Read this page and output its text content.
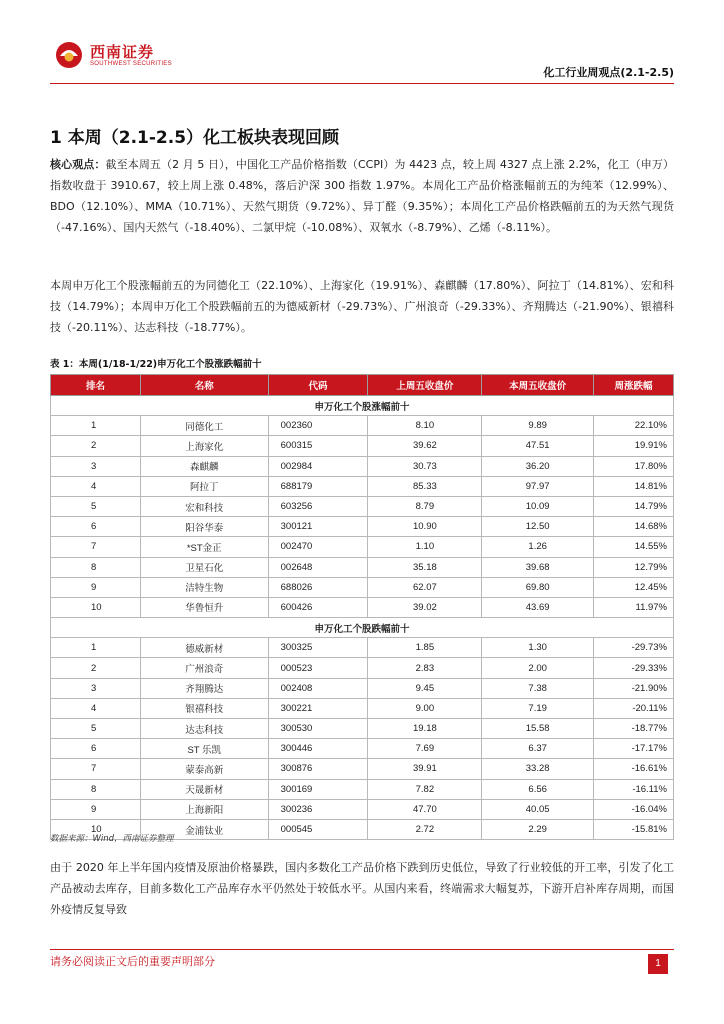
西南证券
SOUTHWEST SECURITIES
化工行业周观点(2.1-2.5)
1 本周（2.1-2.5）化工板块表现回顾
核心观点：截至本周五（2 月 5 日），中国化工产品价格指数（CCPI）为 4423 点，较上周 4327 点上涨 2.2%，化工（申万）指数收盘于 3910.67，较上周上涨 0.48%，落后沪深 300 指数 1.97%。本周化工产品价格涨幅前五的为纯苯（12.99%）、BDO（12.10%）、MMA（10.71%）、天然气期货（9.72%）、异丁醛（9.35%）；本周化工产品价格跌幅前五的为天然气现货（-47.16%）、国内天然气（-18.40%）、二氯甲烷（-10.08%）、双氧水（-8.79%）、乙烯（-8.11%）。
本周申万化工个股涨幅前五的为同德化工（22.10%）、上海家化（19.91%）、森麒麟（17.80%）、阿拉丁（14.81%）、宏和科技（14.79%）；本周申万化工个股跌幅前五的为德威新材（-29.73%）、广州浪奇（-29.33%）、齐翔腾达（-21.90%）、银禧科技（-20.11%）、达志科技（-18.77%）。
表 1：本周(1/18-1/22)申万化工个股涨跌幅前十
排名	名称	代码	上周五收盘价	本周五收盘价	周涨跌幅
申万化工个股涨幅前十					
1	同德化工	002360	8.10	9.89	22.10%
2	上海家化	600315	39.62	47.51	19.91%
3	森麒麟	002984	30.73	36.20	17.80%
4	阿拉丁	688179	85.33	97.97	14.81%
5	宏和科技	603256	8.79	10.09	14.79%
6	阳谷华泰	300121	10.90	12.50	14.68%
7	*ST金正	002470	1.10	1.26	14.55%
8	卫星石化	002648	35.18	39.68	12.79%
9	洁特生物	688026	62.07	69.80	12.45%
10	华鲁恒升	600426	39.02	43.69	11.97%
申万化工个股跌幅前十					
1	德威新材	300325	1.85	1.30	-29.73%
2	广州浪奇	000523	2.83	2.00	-29.33%
3	齐翔腾达	002408	9.45	7.38	-21.90%
4	银禧科技	300221	9.00	7.19	-20.11%
5	达志科技	300530	19.18	15.58	-18.77%
6	ST 乐凯	300446	7.69	6.37	-17.17%
7	蒙泰高新	300876	39.91	33.28	-16.61%
8	天晟新材	300169	7.82	6.56	-16.11%
9	上海新阳	300236	47.70	40.05	-16.04%
10	金浦钛业	000545	2.72	2.29	-15.81%
数据来源：Wind，西南证券整理
由于 2020 年上半年国内疫情及原油价格暴跌，国内多数化工产品价格下跌到历史低位，导致了行业较低的开工率，引发了化工产品被动去库存，目前多数化工产品库存水平仍然处于较低水平。从国内来看，终端需求大幅复苏，下游开启补库存周期，而国外疫情反复导致
请务必阅读正文后的重要声明部分	1
